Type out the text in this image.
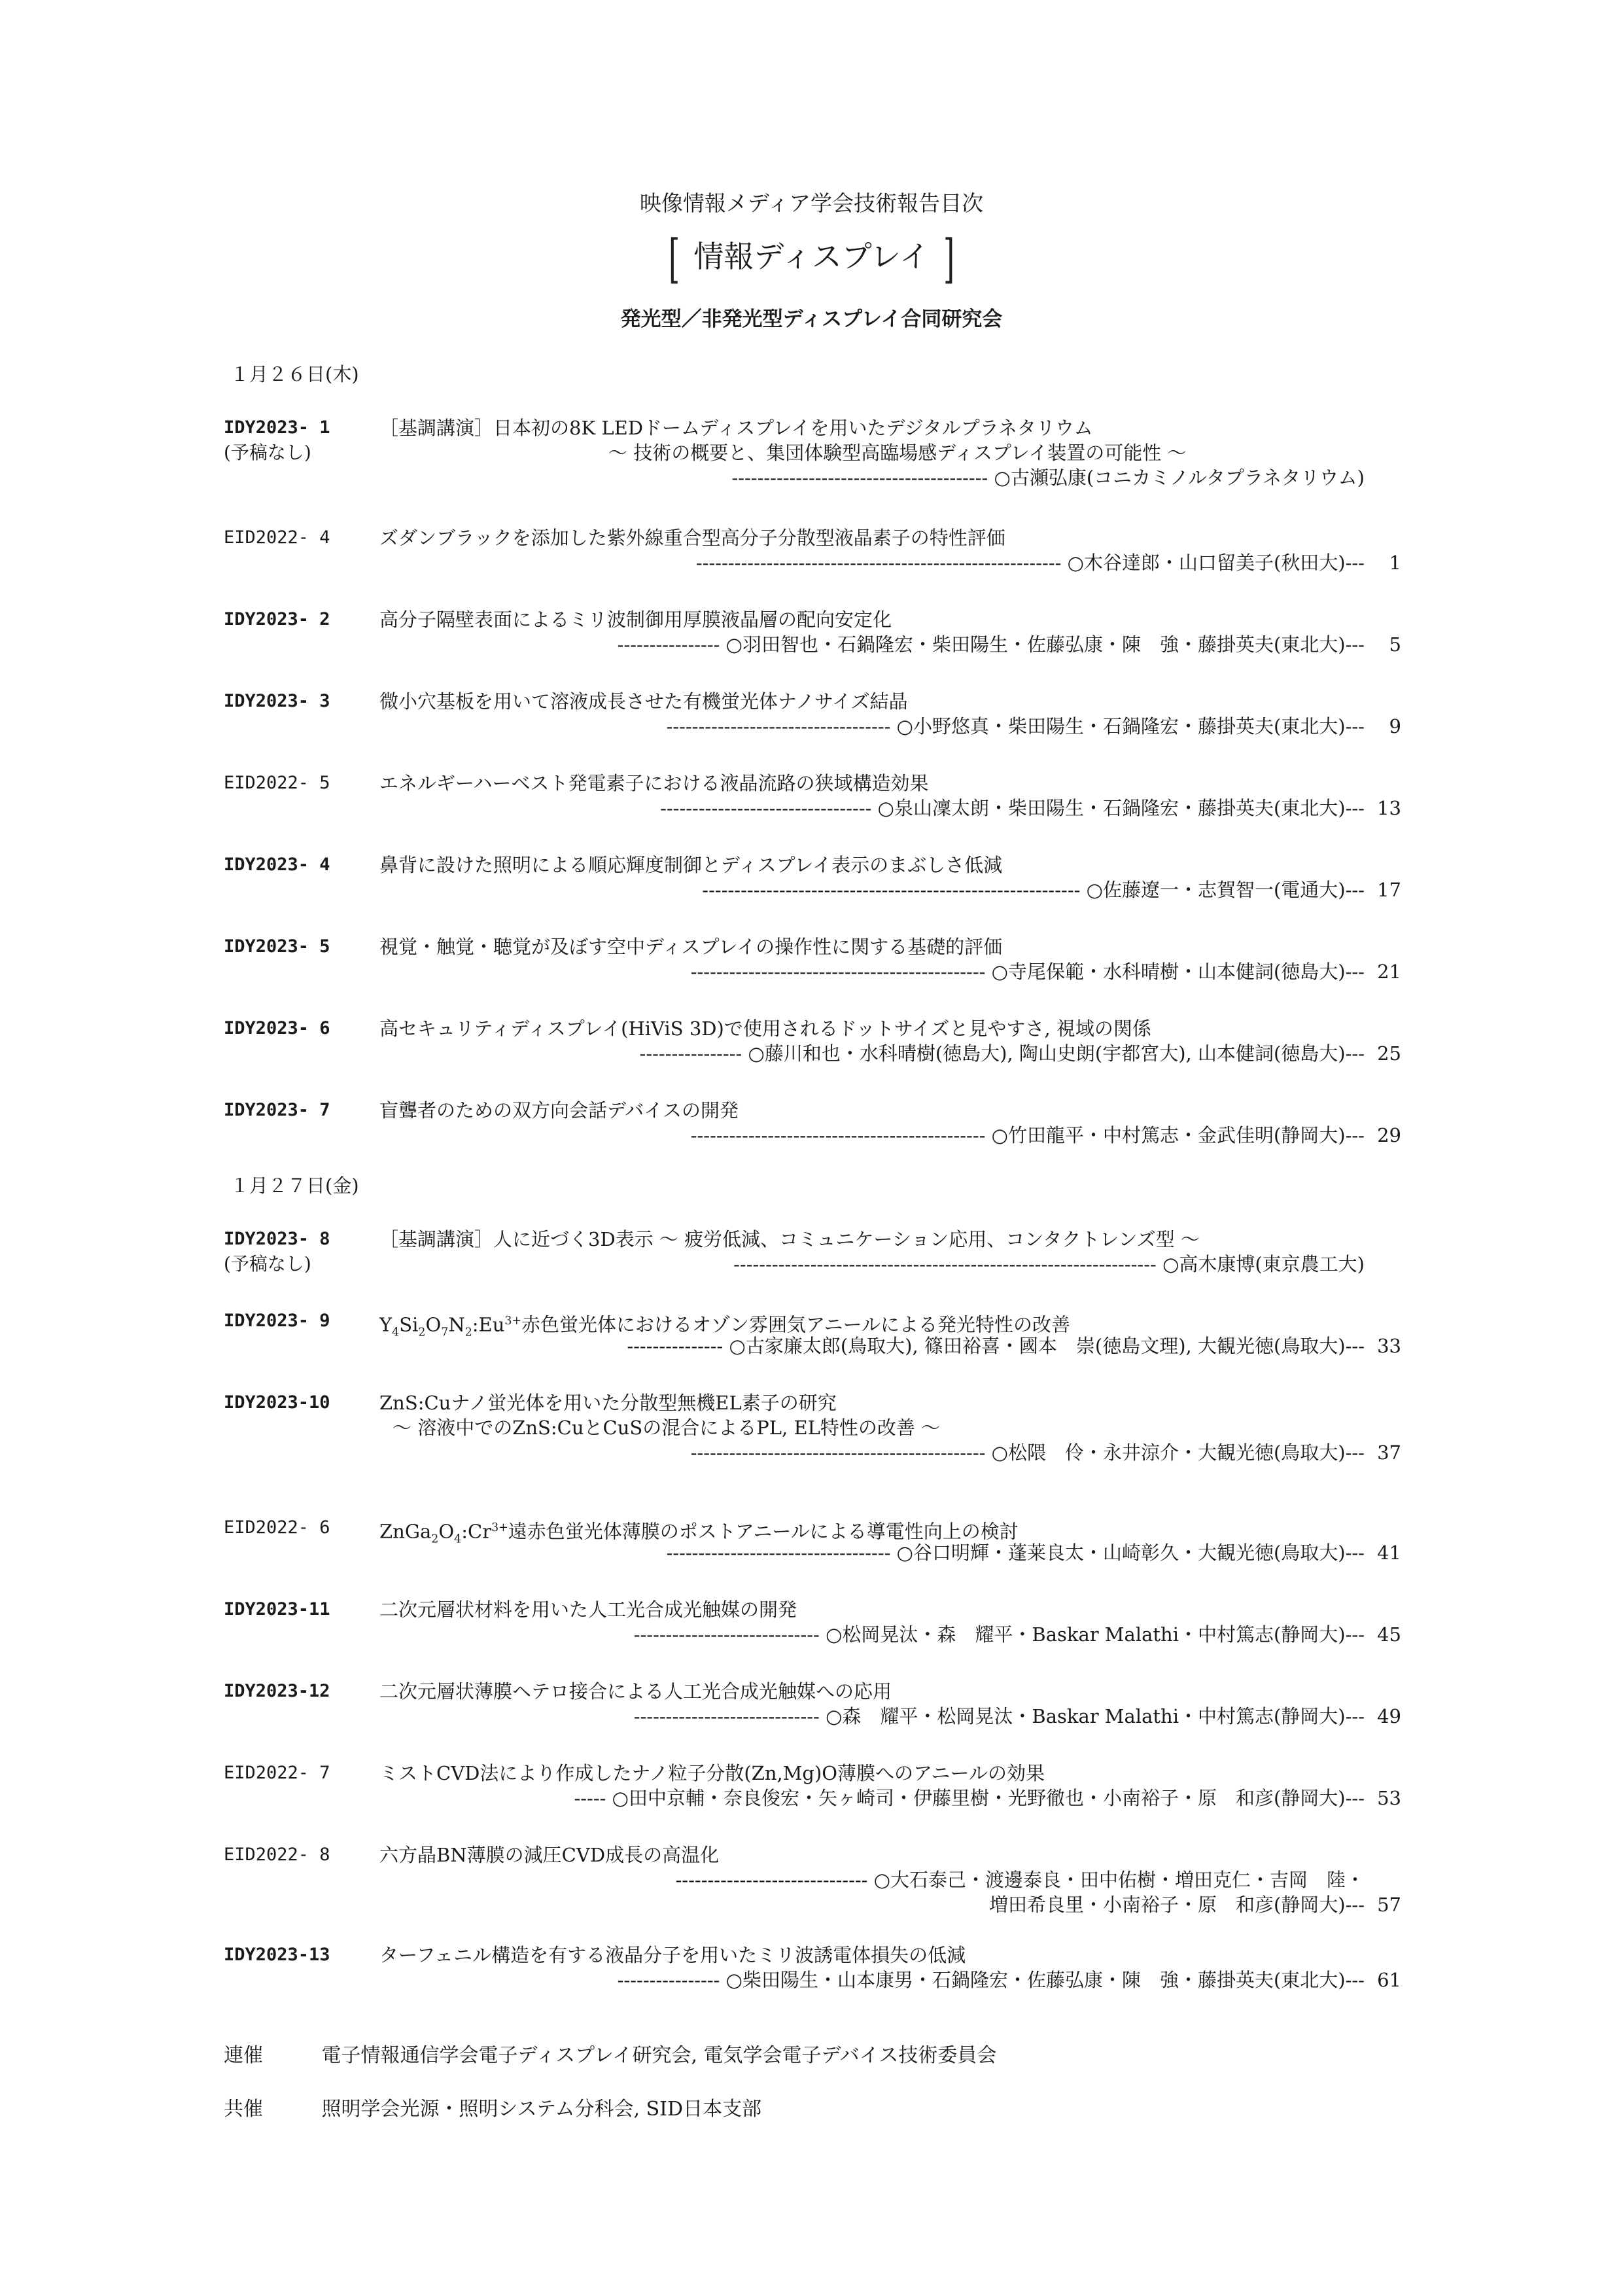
映像情報メディア学会技術報告目次
[ 情報ディスプレイ ]
発光型／非発光型ディスプレイ合同研究会
１月２６日(木)
IDY2023- 1	［基調講演］日本初の8K LEDドームディスプレイを用いたデジタルプラネタリウム
(予稿なし)	～ 技術の概要と、集団体験型高臨場感ディスプレイ装置の可能性 ～
---------------------------------------- ○古瀬弘康(コニカミノルタプラネタリウム)
EID2022- 4	ズダンブラックを添加した紫外線重合型高分子分散型液晶素子の特性評価
--------------------------------------------------------- ○木谷達郎・山口留美子(秋田大)---	1
IDY2023- 2	高分子隔壁表面によるミリ波制御用厚膜液晶層の配向安定化
---------------- ○羽田智也・石鍋隆宏・柴田陽生・佐藤弘康・陳　強・藤掛英夫(東北大)---	5
IDY2023- 3	微小穴基板を用いて溶液成長させた有機蛍光体ナノサイズ結晶
----------------------------------- ○小野悠真・柴田陽生・石鍋隆宏・藤掛英夫(東北大)---	9
EID2022- 5	エネルギーハーベスト発電素子における液晶流路の狭域構造効果
--------------------------------- ○泉山凜太朗・柴田陽生・石鍋隆宏・藤掛英夫(東北大)--- 13
IDY2023- 4	鼻背に設けた照明による順応輝度制御とディスプレイ表示のまぶしさ低減
----------------------------------------------------------- ○佐藤遼一・志賀智一(電通大)--- 17
IDY2023- 5	視覚・触覚・聴覚が及ぼす空中ディスプレイの操作性に関する基礎的評価
---------------------------------------------- ○寺尾保範・水科晴樹・山本健詞(徳島大)--- 21
IDY2023- 6	高セキュリティディスプレイ(HiViS 3D)で使用されるドットサイズと見やすさ, 視域の関係
---------------- ○藤川和也・水科晴樹(徳島大), 陶山史朗(宇都宮大), 山本健詞(徳島大)--- 25
IDY2023- 7	盲聾者のための双方向会話デバイスの開発
---------------------------------------------- ○竹田龍平・中村篤志・金武佳明(静岡大)--- 29
IDY2023- 8	［基調講演］人に近づく3D表示 ～ 疲労低減、コミュニケーション応用、コンタクトレンズ型 ～
(予稿なし)	------------------------------------------------------------------ ○高木康博(東京農工大)
IDY2023- 9	$Y_4Si_2O_7N_2:Eu^{3+}$赤色蛍光体におけるオゾン雰囲気アニールによる発光特性の改善
--------------- ○古家廉太郎(鳥取大), 篠田裕喜・國本　崇(徳島文理), 大観光徳(鳥取大)--- 33
IDY2023-10	ZnS:Cuナノ蛍光体を用いた分散型無機EL素子の研究
～ 溶液中でのZnS:CuとCuSの混合によるPL, EL特性の改善 ～
---------------------------------------------- ○松隈　伶・永井涼介・大観光徳(鳥取大)--- 37
EID2022- 6	$ZnGa_2O_4:Cr^{3+}$遠赤色蛍光体薄膜のポストアニールによる導電性向上の検討
----------------------------------- ○谷口明輝・蓬莱良太・山崎彰久・大観光徳(鳥取大)--- 41
IDY2023-11	二次元層状材料を用いた人工光合成光触媒の開発
----------------------------- ○松岡晃汰・森　耀平・Baskar Malathi・中村篤志(静岡大)--- 45
IDY2023-12	二次元層状薄膜ヘテロ接合による人工光合成光触媒への応用
----------------------------- ○森　耀平・松岡晃汰・Baskar Malathi・中村篤志(静岡大)--- 49
EID2022- 7	ミストCVD法により作成したナノ粒子分散(Zn,Mg)O薄膜へのアニールの効果
----- ○田中京輔・奈良俊宏・矢ヶ崎司・伊藤里樹・光野徹也・小南裕子・原　和彦(静岡大)--- 53
EID2022- 8	六方晶BN薄膜の減圧CVD成長の高温化
------------------------------ ○大石泰己・渡邊泰良・田中佑樹・増田克仁・吉岡　陸・
増田希良里・小南裕子・原　和彦(静岡大)--- 57
IDY2023-13	ターフェニル構造を有する液晶分子を用いたミリ波誘電体損失の低減
---------------- ○柴田陽生・山本康男・石鍋隆宏・佐藤弘康・陳　強・藤掛英夫(東北大)--- 61
１月２７日(金)
連催	電子情報通信学会電子ディスプレイ研究会, 電気学会電子デバイス技術委員会
共催	照明学会光源・照明システム分科会, SID日本支部
